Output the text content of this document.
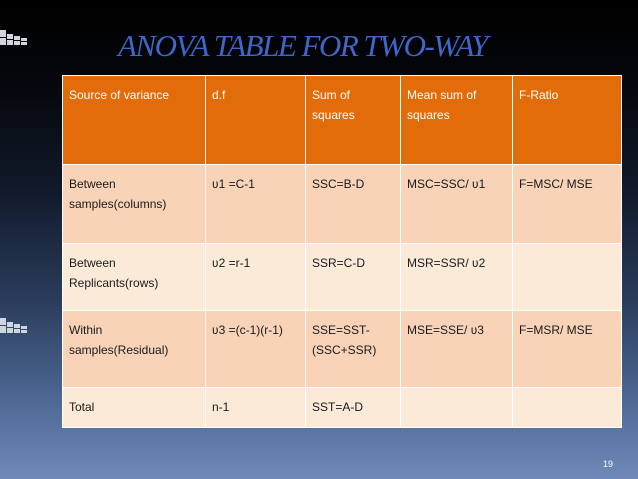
ANOVA TABLE FOR TWO-WAY
Source of variance	d.f	Sum of squares	Mean sum of squares	F-Ratio
Between samples(columns)	ʋ1 =C-1	SSC=B-D	MSC=SSC/ ʋ1	F=MSC/ MSE
Between Replicants(rows)	ʋ2 =r-1	SSR=C-D	MSR=SSR/ ʋ2	
Within samples(Residual)	ʋ3 =(c-1)(r-1)	SSE=SST-(SSC+SSR)	MSE=SSE/ ʋ3	F=MSR/ MSE
Total	n-1	SST=A-D		
19
